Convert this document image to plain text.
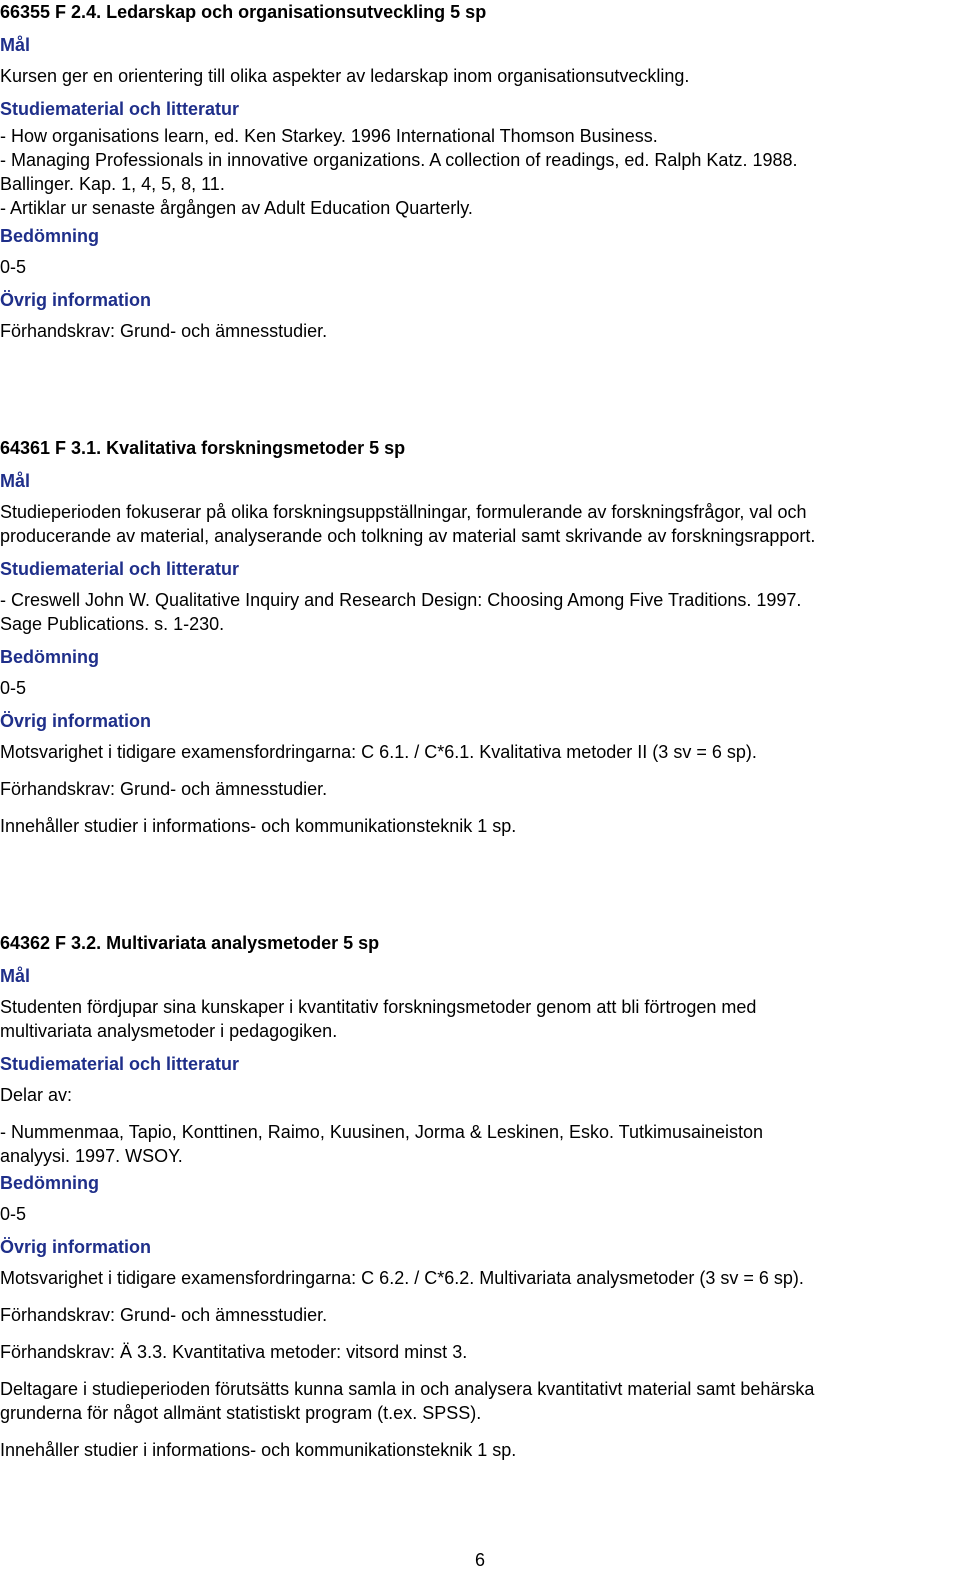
66355 F 2.4. Ledarskap och organisationsutveckling 5 sp
Mål
Kursen ger en orientering till olika aspekter av ledarskap inom organisationsutveckling.
Studiematerial och litteratur
- How organisations learn, ed. Ken Starkey. 1996 International Thomson Business.
- Managing Professionals in innovative organizations. A collection of readings, ed. Ralph Katz. 1988.
Ballinger. Kap. 1, 4, 5, 8, 11.
- Artiklar ur senaste årgången av Adult Education Quarterly.
Bedömning
0-5
Övrig information
Förhandskrav: Grund- och ämnesstudier.
64361 F 3.1. Kvalitativa forskningsmetoder 5 sp
Mål
Studieperioden fokuserar på olika forskningsuppställningar, formulerande av forskningsfrågor, val och
producerande av material, analyserande och tolkning av material samt skrivande av forskningsrapport.
Studiematerial och litteratur
- Creswell John W. Qualitative Inquiry and Research Design: Choosing Among Five Traditions. 1997.
Sage Publications. s. 1-230.
Bedömning
0-5
Övrig information
Motsvarighet i tidigare examensfordringarna: C 6.1. / C*6.1. Kvalitativa metoder II (3 sv = 6 sp).
Förhandskrav: Grund- och ämnesstudier.
Innehåller studier i informations- och kommunikationsteknik 1 sp.
64362 F 3.2. Multivariata analysmetoder 5 sp
Mål
Studenten fördjupar sina kunskaper i kvantitativ forskningsmetoder genom att bli förtrogen med
multivariata analysmetoder i pedagogiken.
Studiematerial och litteratur
Delar av:
- Nummenmaa, Tapio, Konttinen, Raimo, Kuusinen, Jorma & Leskinen, Esko. Tutkimusaineiston
analyysi. 1997. WSOY.
Bedömning
0-5
Övrig information
Motsvarighet i tidigare examensfordringarna: C 6.2. / C*6.2. Multivariata analysmetoder (3 sv = 6 sp).
Förhandskrav: Grund- och ämnesstudier.
Förhandskrav: Ä 3.3. Kvantitativa metoder: vitsord minst 3.
Deltagare i studieperioden förutsätts kunna samla in och analysera kvantitativt material samt behärska
grunderna för något allmänt statistiskt program (t.ex. SPSS).
Innehåller studier i informations- och kommunikationsteknik 1 sp.
6
